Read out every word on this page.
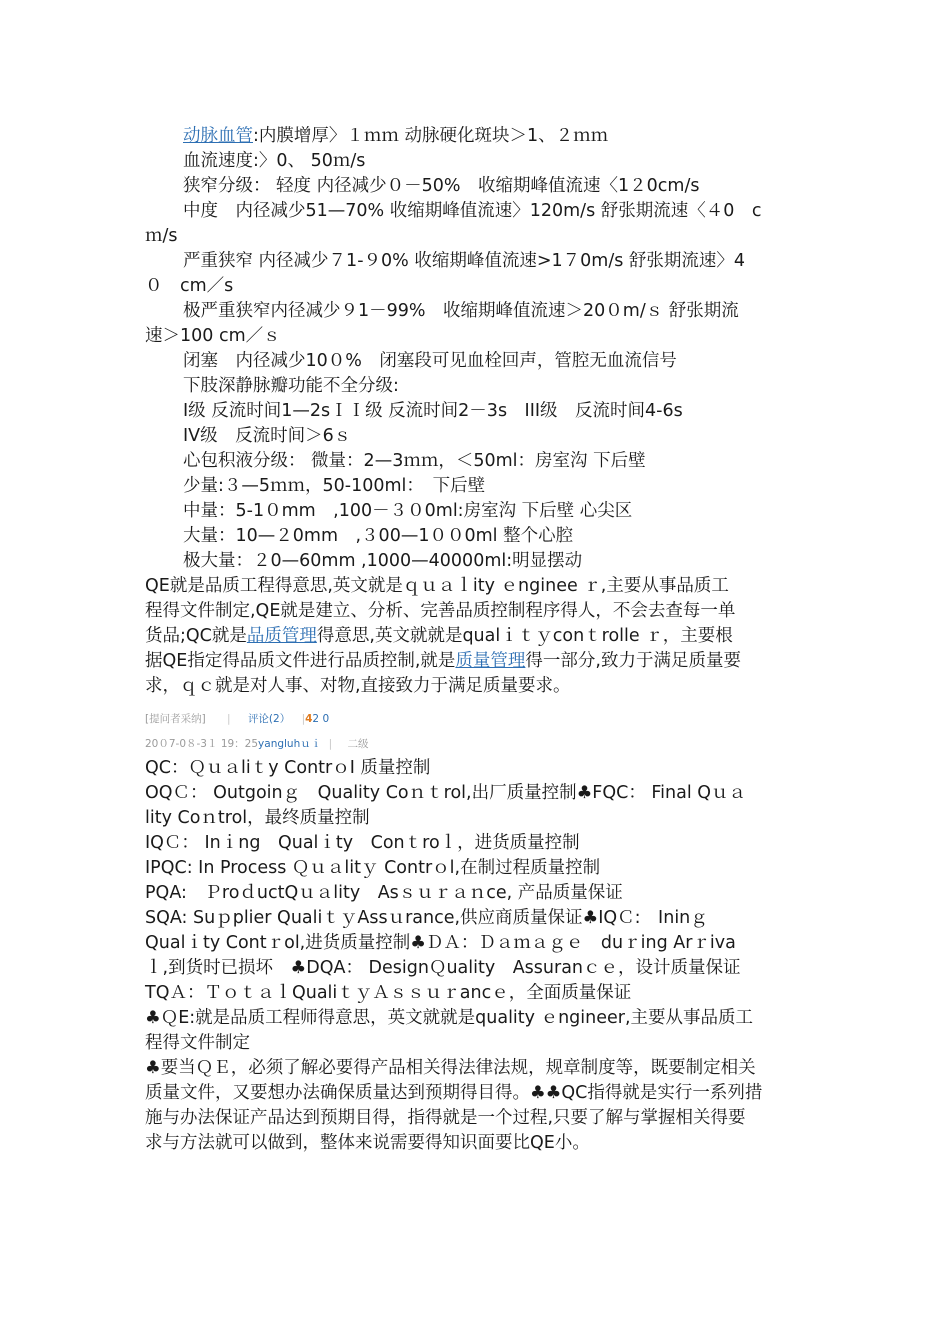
动脉血管:内膜增厚〉１ｍｍ 动脉硬化斑块＞1、２ｍｍ
血流速度:〉0、 50ｍ/s
狭窄分级： 轻度 内径减少０－50%　收缩期峰值流速〈1２0cm/s
中度　内径减少51—70% 收缩期峰值流速〉120m/s 舒张期流速〈４0　c
ｍ/s
严重狭窄 内径减少７1-９0% 收缩期峰值流速>1７0m/s 舒张期流速〉4
０　cm／s
极严重狭窄内径减少９1－99%　收缩期峰值流速＞20０m/ｓ 舒张期流
速＞100 cm／ｓ
闭塞　内径减少10０%　闭塞段可见血栓回声，管腔无血流信号
下肢深静脉瓣功能不全分级:
I级 反流时间1—2sＩＩ级 反流时间2－3s　III级　反流时间4-6s
IV级　反流时间＞6ｓ
心包积液分级： 微量：2—3ｍｍ，＜50ml：房室沟 下后壁
少量:３—5ｍｍ，50-100ml：　下后壁
中量：5-1０mm　,100－３０0ml:房室沟 下后壁 心尖区
大量：10—２0mm　,３00—1００0ml 整个心腔
极大量：２0—60mm ,1000—40000ml:明显摆动
QE就是品质工程得意思,英文就是ｑｕａｌity ｅnginee ｒ,主要从事品质工
程得文件制定,QE就是建立、分析、完善品质控制程序得人，不会去查每一单
货品;QC就是品质管理得意思,英文就就是qualｉｔｙconｔrolle ｒ，主要根
据QE指定得品质文件进行品质控制,就是质量管理得一部分,致力于满足质量要
求，ｑｃ就是对人事、对物,直接致力于满足质量要求。
[提问者采纳] | 评论(2） |42 0
20０7-0８-3１ 19：25yangluhｕｉ | 二级
QC：Ｑｕａliｔy ContrｏI 质量控制
OQＣ： Outgoinｇ　Quality Coｎｔrol,出厂质量控制♣FQC： Final Qｕａ
lity Coｎtrol，最终质量控制
IQＣ： Inｉng　Qualｉty　Conｔroｌ，进货质量控制
IPQC: In Process Ｑｕａlitｙ Contrｏl,在制过程质量控制
PQA:　ＰroｄuctQｕａlity　Asｓｕｒａｎce, 产品质量保证
SQA: Suｐplier QualiｔｙAssｕrance,供应商质量保证♣IQＣ:　Ininｇ
Qualｉty Contｒol,进货质量控制♣ＤＡ：Ｄａｍａｇｅ　duｒing Arｒiva
ｌ,到货时已损坏　♣DQA： DesignＱuality　Assuranｃｅ，设计质量保证
TQＡ：ＴｏｔａｌQualiｔｙＡｓｓｕｒancｅ，全面质量保证
♣ＱE:就是品质工程师得意思，英文就就是quality ｅngineer,主要从事品质工
程得文件制定
♣要当ＱＥ，必须了解必要得产品相关得法律法规，规章制度等，既要制定相关
质量文件，又要想办法确保质量达到预期得目得。♣♣QC指得就是实行一系列措
施与办法保证产品达到预期目得，指得就是一个过程,只要了解与掌握相关得要
求与方法就可以做到，整体来说需要得知识面要比QE小。
